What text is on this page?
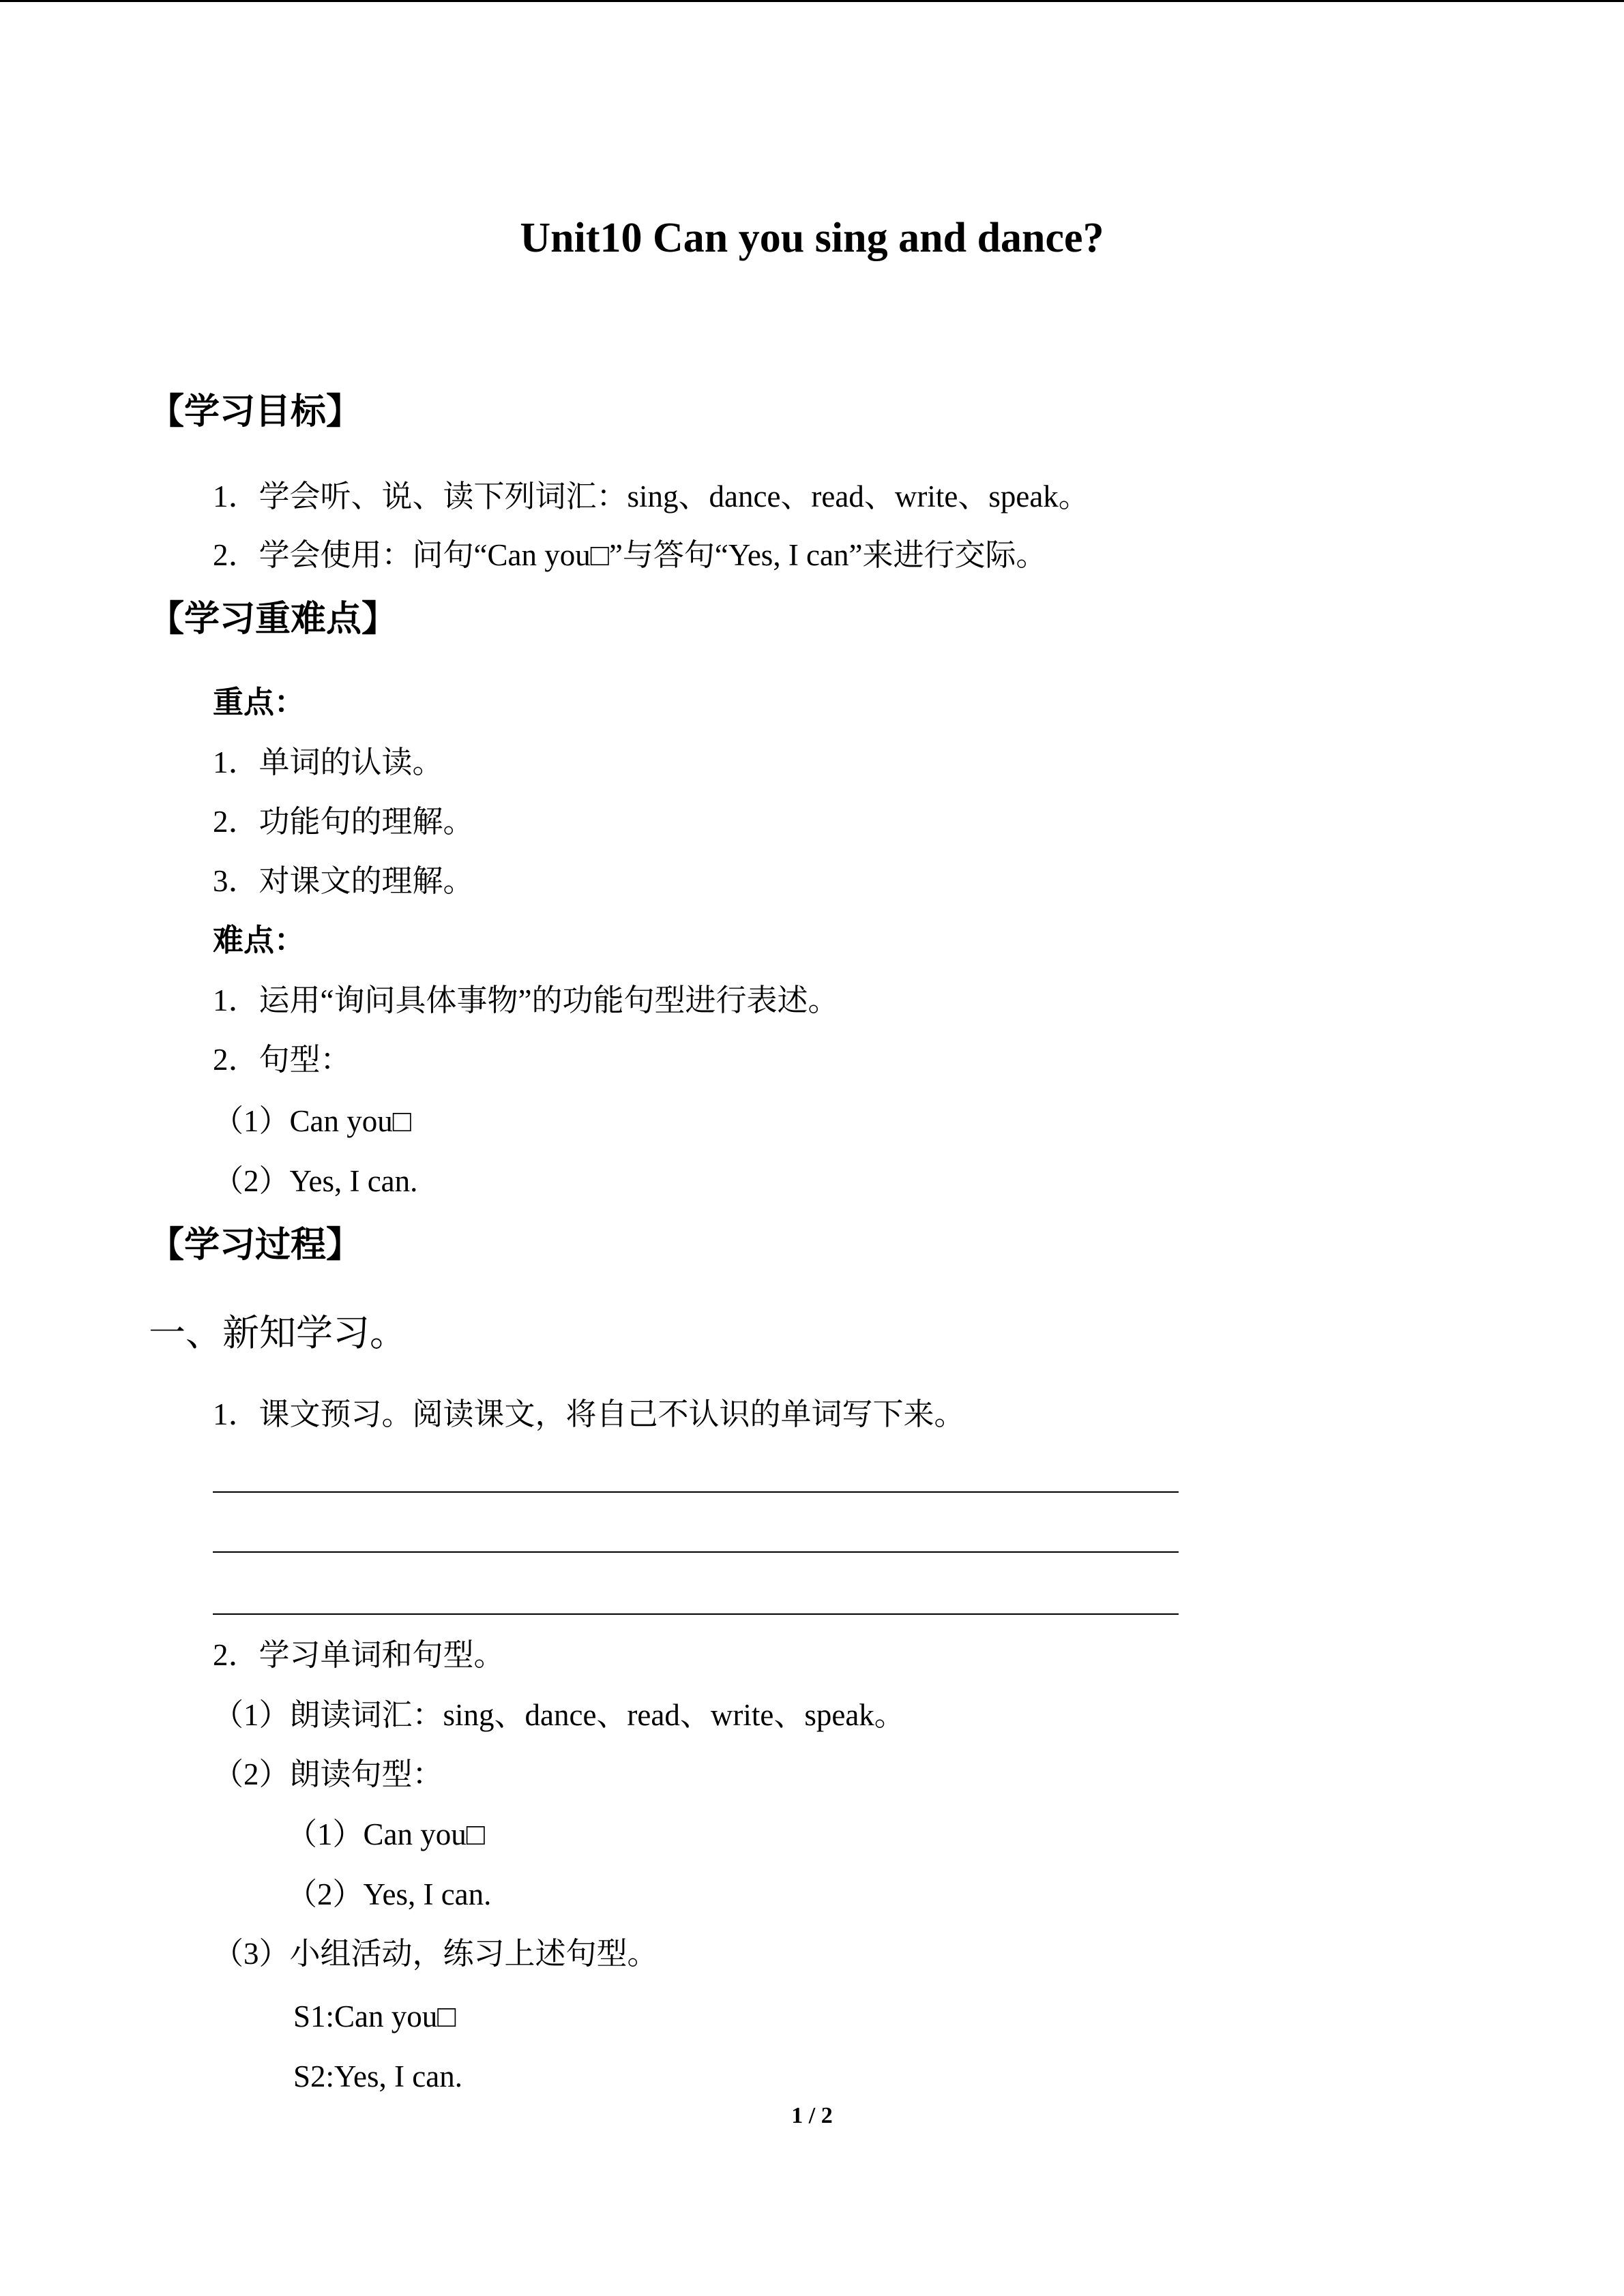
Unit10 Can you sing and dance?
【学习目标】
1．学会听、说、读下列词汇：sing、dance、read、write、speak。
2．学会使用：问句“Can you□”与答句“Yes, I can”来进行交际。
【学习重难点】
重点：
1．单词的认读。
2．功能句的理解。
3．对课文的理解。
难点：
1．运用“询问具体事物”的功能句型进行表述。
2．句型：
（1）Can you□
（2）Yes, I can.
【学习过程】
一、新知学习。
1．课文预习。阅读课文，将自己不认识的单词写下来。
2．学习单词和句型。
（1）朗读词汇：sing、dance、read、write、speak。
（2）朗读句型：
（1）Can you□
（2）Yes, I can.
（3）小组活动，练习上述句型。
S1:Can you□
S2:Yes, I can.
1 / 2
